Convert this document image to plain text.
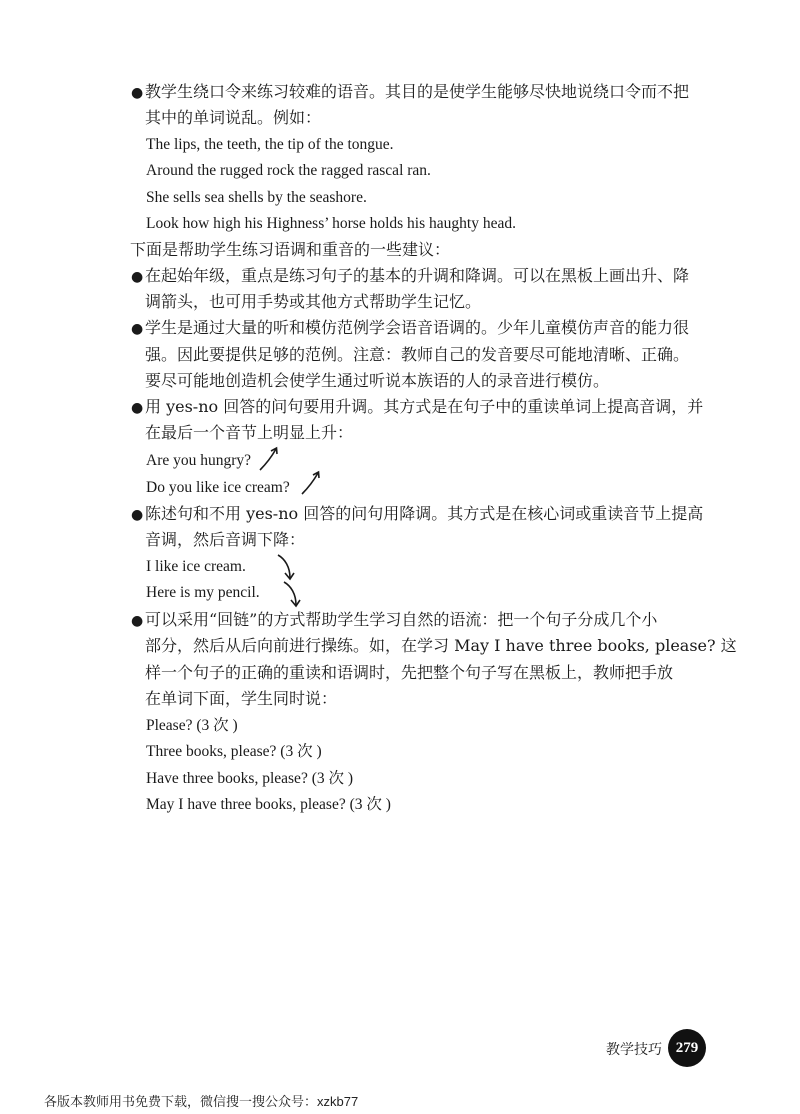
● 教学生绕口令来练习较难的语音。其目的是使学生能够尽快地说绕口令而不把
其中的单词说乱。例如：
The lips, the teeth, the tip of the tongue.
Around the rugged rock the ragged rascal ran.
She sells sea shells by the seashore.
Look how high his Highness’ horse holds his haughty head.
下面是帮助学生练习语调和重音的一些建议：
● 在起始年级，重点是练习句子的基本的升调和降调。可以在黑板上画出升、降
调箭头，也可用手势或其他方式帮助学生记忆。
● 学生是通过大量的听和模仿范例学会语音语调的。少年儿童模仿声音的能力很
强。因此要提供足够的范例。注意：教师自己的发音要尽可能地清晰、正确。
要尽可能地创造机会使学生通过听说本族语的人的录音进行模仿。
● 用 yes-no 回答的问句要用升调。其方式是在句子中的重读单词上提高音调，并
在最后一个音节上明显上升：
Are you hungry?
Do you like ice cream?
● 陈述句和不用 yes-no 回答的问句用降调。其方式是在核心词或重读音节上提高
音调，然后音调下降：
I like ice cream.
Here is my pencil.
● 可以采用“回链”的方式帮助学生学习自然的语流：把一个句子分成几个小
部分，然后从后向前进行操练。如，在学习 May I have three books, please? 这
样一个句子的正确的重读和语调时，先把整个句子写在黑板上，教师把手放
在单词下面，学生同时说：
Please? (3 次 )
Three books, please? (3 次 )
Have three books, please? (3 次 )
May I have three books, please? (3 次 )
教学技巧 279
各版本教师用书免费下载，微信搜一搜公众号：xzkb77
